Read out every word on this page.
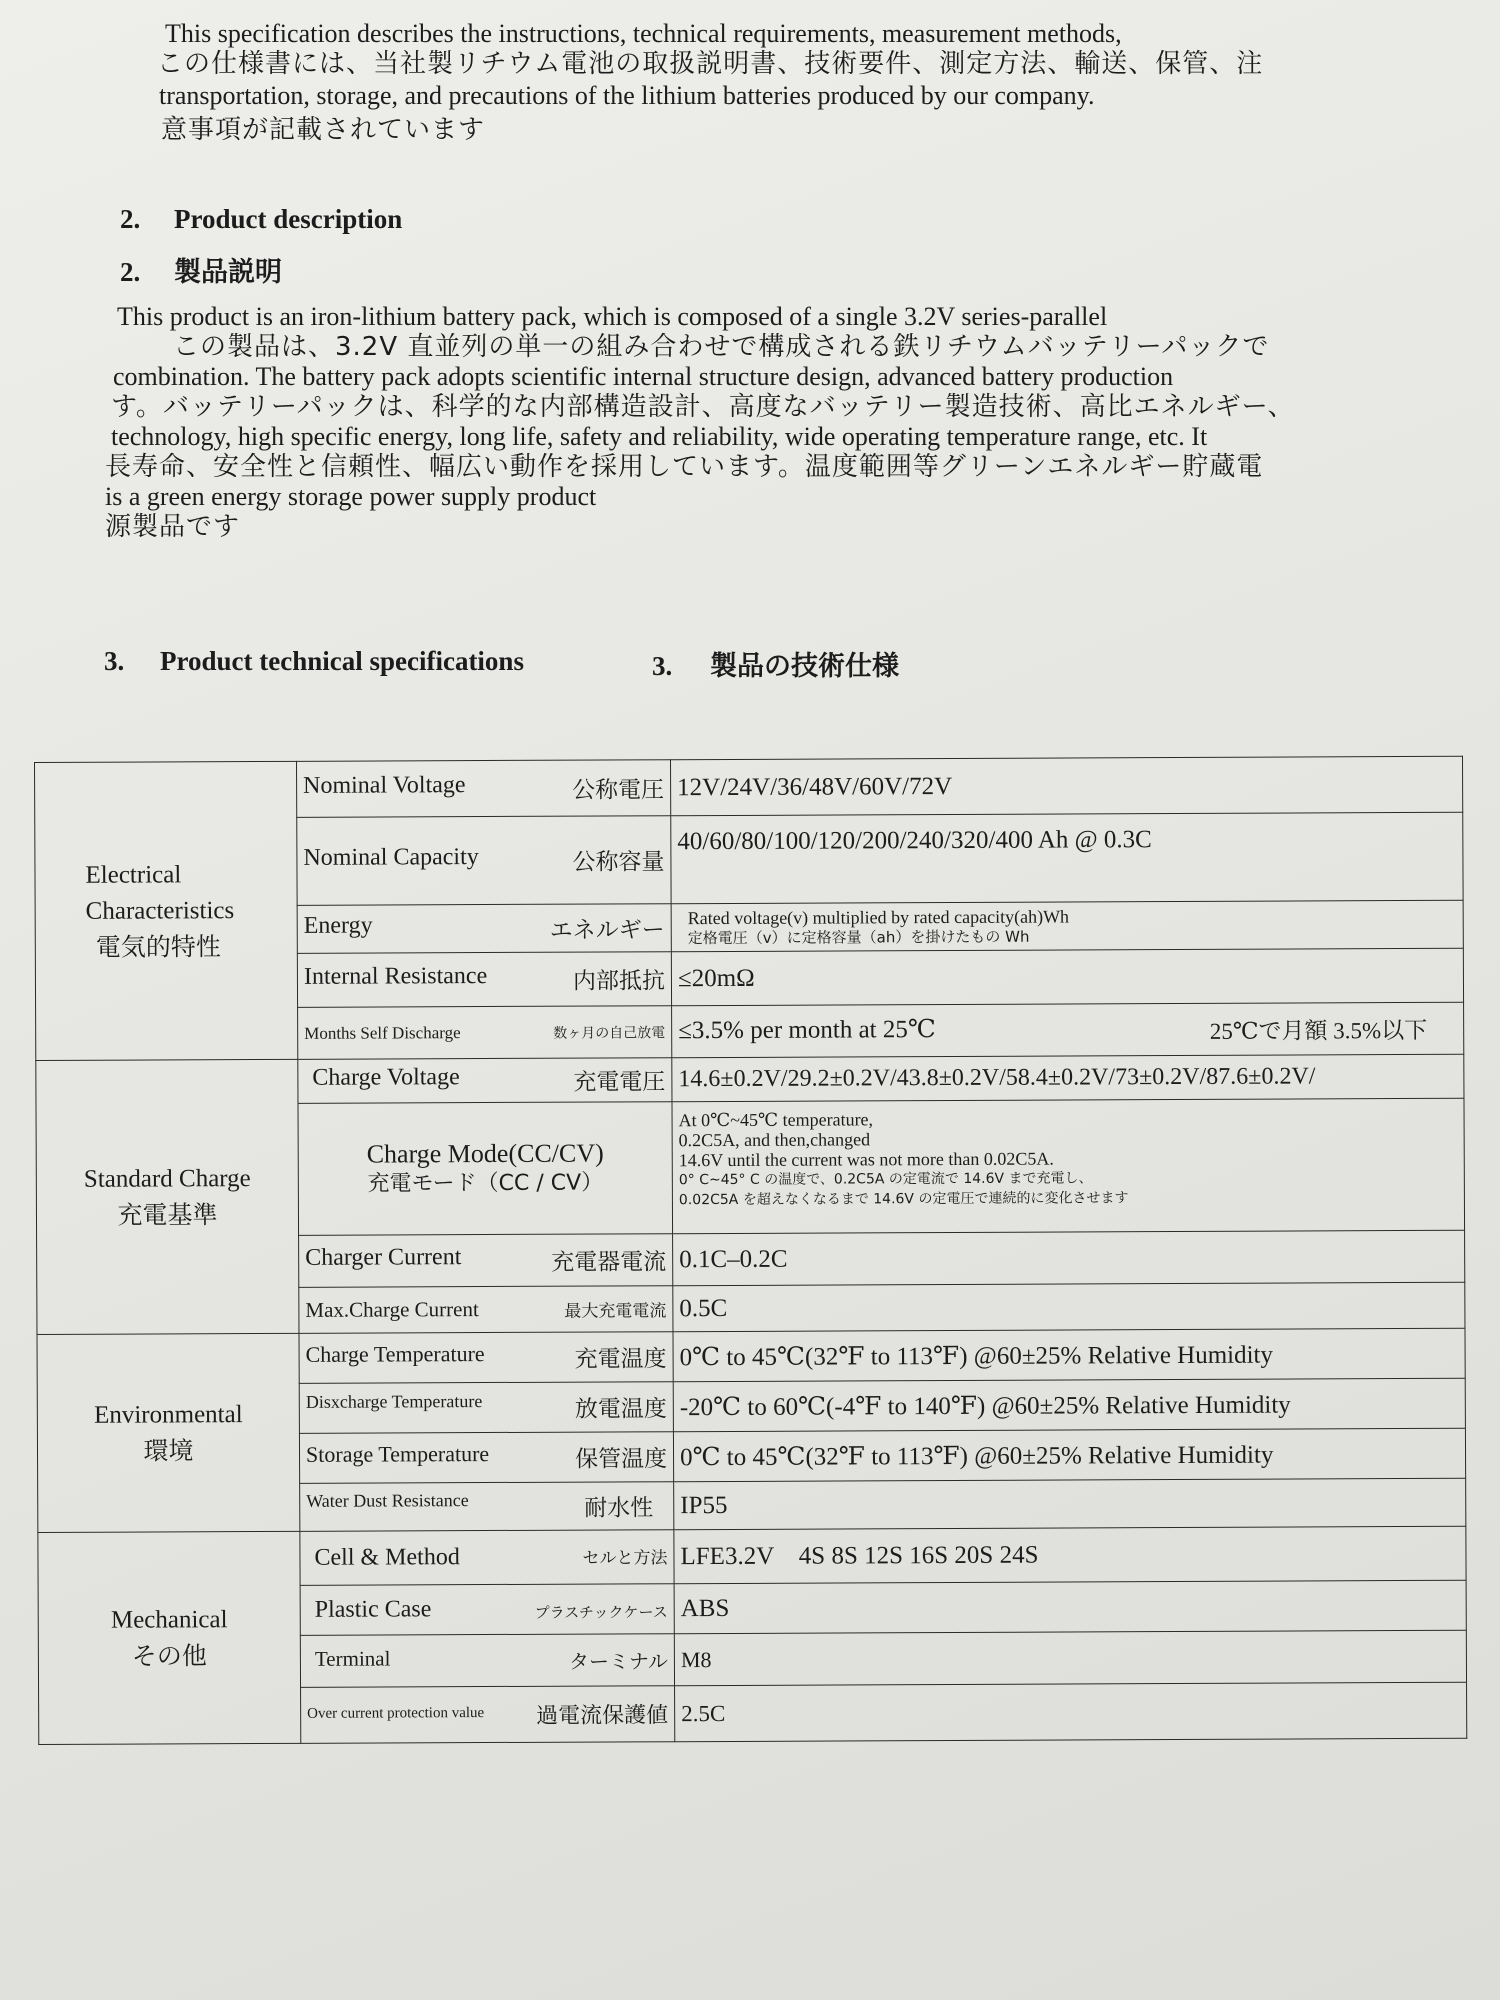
This specification describes the instructions, technical requirements, measurement methods,

この仕様書には、当社製リチウム電池の取扱説明書、技術要件、測定方法、輸送、保管、注

transportation, storage, and precautions of the lithium batteries produced by our company.

意事項が記載されています

2. Product description
2. 製品説明

This product is an iron-lithium battery pack, which is composed of a single 3.2V series-parallel

この製品は、3.2V 直並列の単一の組み合わせで構成される鉄リチウムバッテリーパックで

combination. The battery pack adopts scientific internal structure design, advanced battery production

す。バッテリーパックは、科学的な内部構造設計、高度なバッテリー製造技術、高比エネルギー、

technology, high specific energy, long life, safety and reliability, wide operating temperature range, etc. It

長寿命、安全性と信頼性、幅広い動作を採用しています。温度範囲等グリーンエネルギー貯蔵電

is a green energy storage power supply product

源製品です

3. Product technical specifications	3. 製品の技術仕様
Electrical
Characteristics
電気的特性	Nominal Voltage 公称電圧	12V/24V/36/48V/60V/72V

	Nominal Capacity 公称容量	40/60/80/100/120/200/240/320/400 Ah @ 0.3C

	Energy エネルギー	Rated voltage(v) multiplied by rated capacity(ah)Wh
定格電圧（v）に定格容量（ah）を掛けたもの Wh

	Internal Resistance 内部抵抗	≤20mΩ

	Months Self Discharge 数ヶ月の自己放電	≤3.5% per month at 25℃ 25℃で月額 3.5%以下

Standard Charge
充電基準	Charge Voltage 充電電圧	14.6±0.2V/29.2±0.2V/43.8±0.2V/58.4±0.2V/73±0.2V/87.6±0.2V/

	Charge Mode(CC/CV)
充電モード（CC / CV）	At 0℃~45℃ temperature,
0.2C5A, and then,changed
14.6V until the current was not more than 0.02C5A.
0° C~45° C の温度で、0.2C5A の定電流で 14.6V まで充電し、
0.02C5A を超えなくなるまで 14.6V の定電圧で連続的に変化させます

	Charger Current 充電器電流	0.1C–0.2C

	Max.Charge Current 最大充電電流	0.5C

Environmental
環境	Charge Temperature 充電温度	0℃ to 45℃(32℉ to 113℉) @60±25% Relative Humidity

	Disxcharge Temperature 放電温度	-20℃ to 60℃(-4℉ to 140℉) @60±25% Relative Humidity

	Storage Temperature 保管温度	0℃ to 45℃(32℉ to 113℉) @60±25% Relative Humidity

	Water Dust Resistance 耐水性	IP55

Mechanical
その他	Cell & Method セルと方法	LFE3.2V    4S 8S 12S 16S 20S 24S

	Plastic Case プラスチックケース	ABS

	Terminal ターミナル	M8

	Over current protection value 過電流保護値	2.5C
